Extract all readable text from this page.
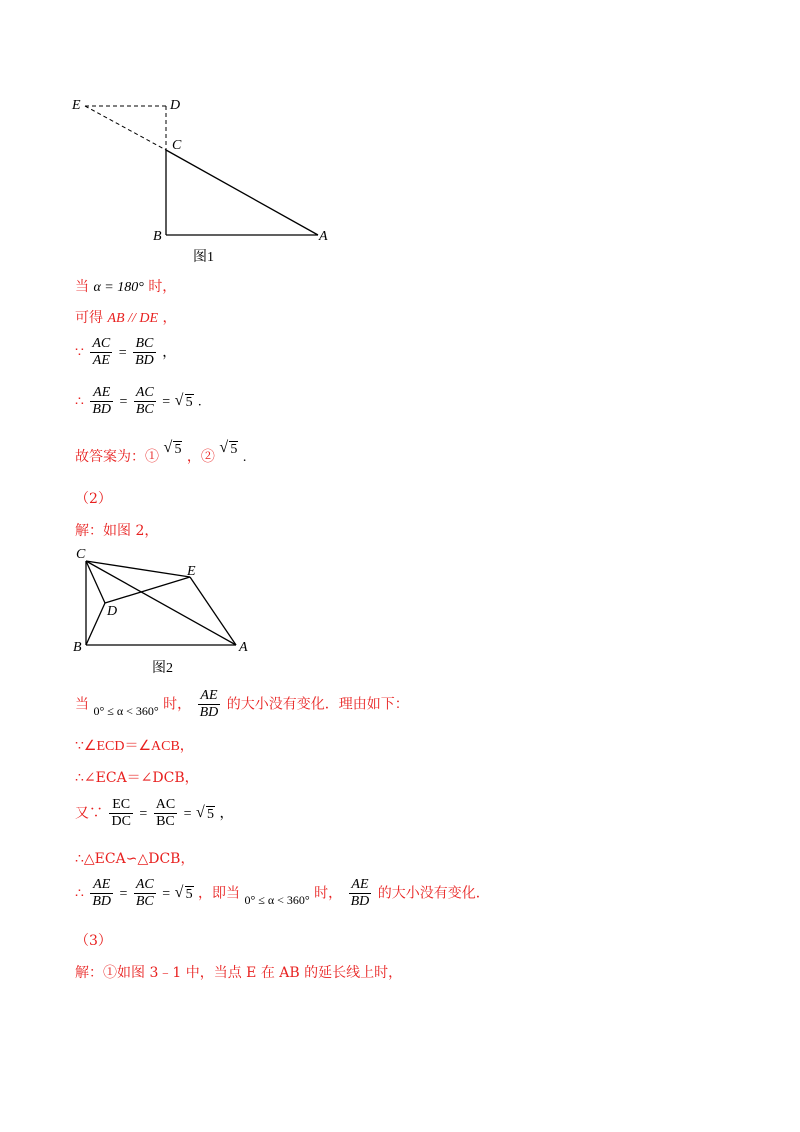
E	D
C
B	A
图1
当 α = 180° 时，
可得 AB // DE ，
∵ $\frac{AC}{AE} = \frac{BC}{BD}$ ，
∴ $\frac{AE}{BD} = \frac{AC}{BC}$ = √ 5 .
故答案为：① √ 5 ，② √ 5 .
（2）
解：如图 2，
C
E
D
B	A
图2
当 0° ≤ α < 360° 时， $\frac{AE}{BD}$ 的大小没有变化．理由如下：
∵∠ECD＝∠ACB，
∴∠ECA＝∠DCB，
又∵ $\frac{EC}{DC} = \frac{AC}{BC}$ = √ 5 ，
∴△ECA∽△DCB，
∴ $\frac{AE}{BD} = \frac{AC}{BC}$ = √ 5 ，即当 0° ≤ α < 360° 时， $\frac{AE}{BD}$ 的大小没有变化．
（3）
解：①如图 3﹣1 中，当点 E 在 AB 的延长线上时，
